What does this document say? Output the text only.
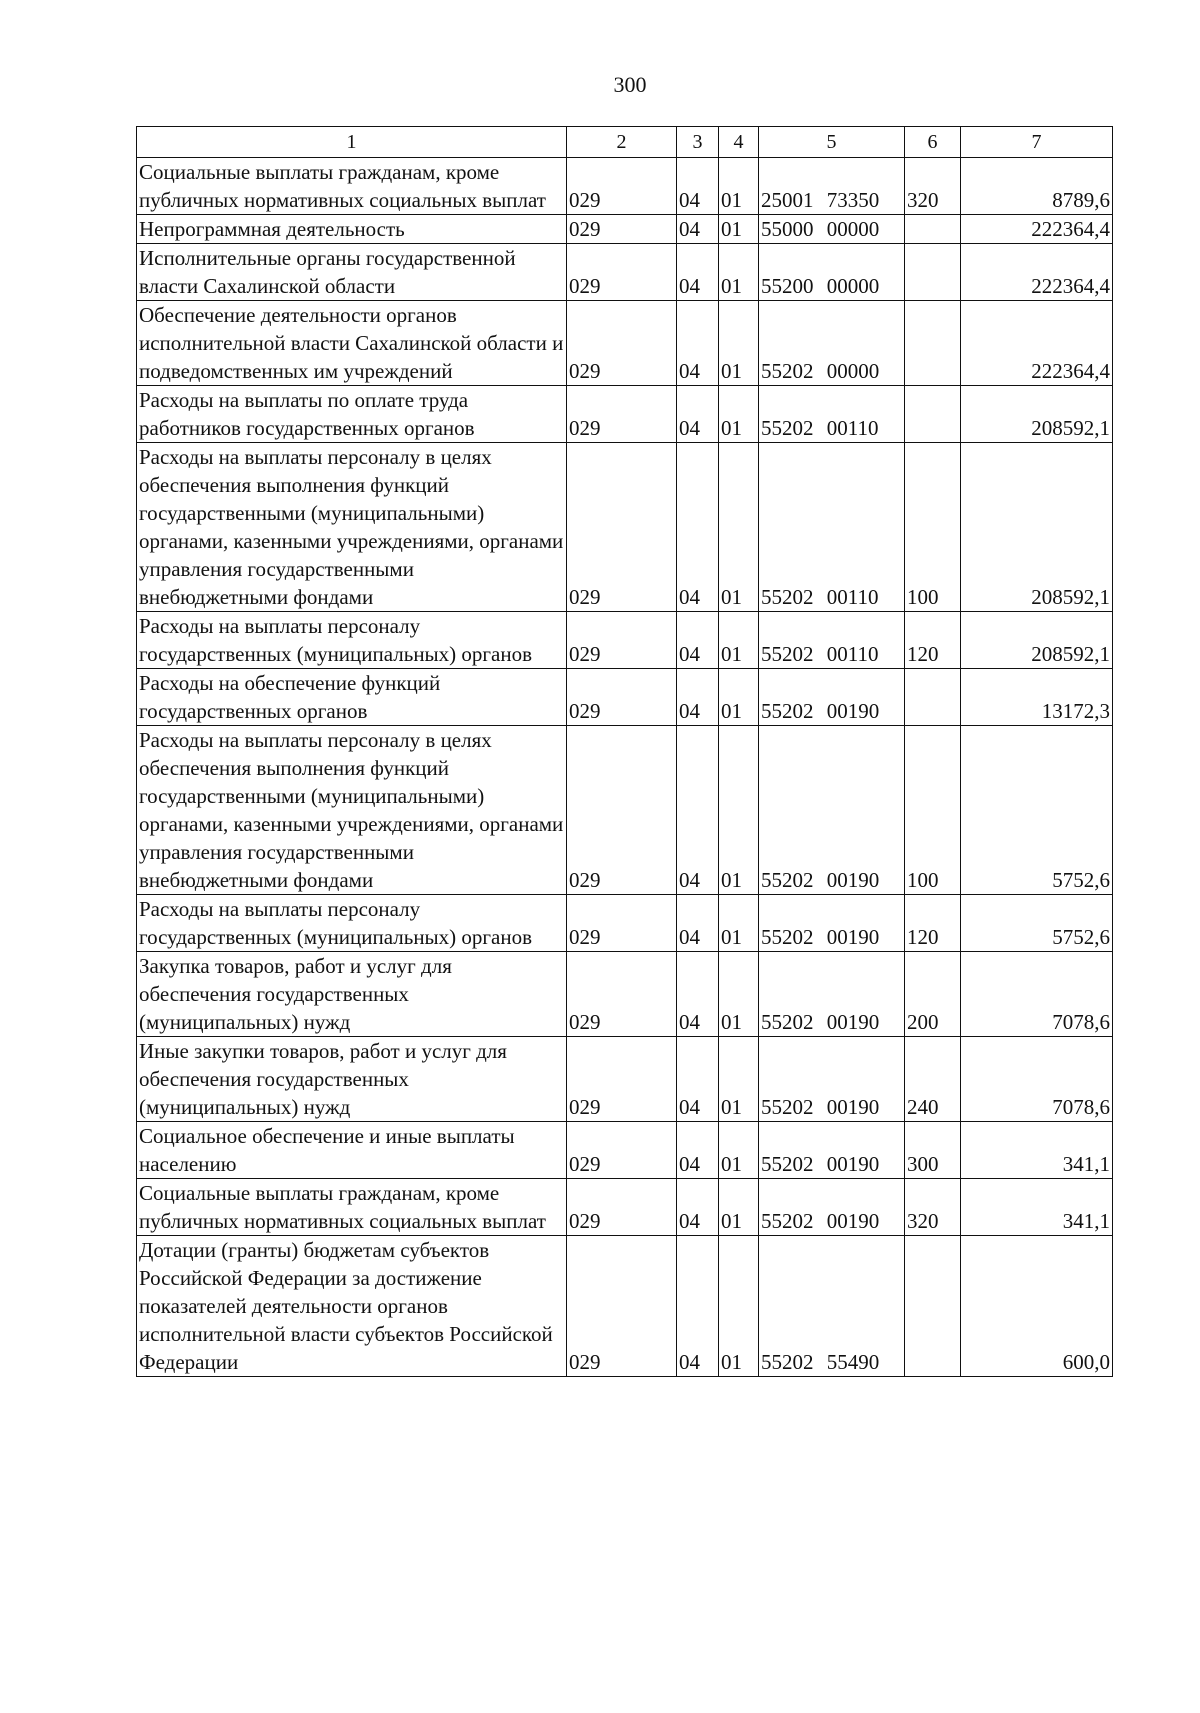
300
1	2	3	4	5	6	7
Социальные выплаты гражданам, кроме публичных нормативных социальных выплат	029	04	01	25001 73350	320	8789,6
Непрограммная деятельность	029	04	01	55000 00000		222364,4
Исполнительные органы государственной власти Сахалинской области	029	04	01	55200 00000		222364,4
Обеспечение деятельности органов исполнительной власти Сахалинской области и подведомственных им учреждений	029	04	01	55202 00000		222364,4
Расходы на выплаты по оплате труда работников государственных органов	029	04	01	55202 00110		208592,1
Расходы на выплаты персоналу в целях обеспечения выполнения функций государственными (муниципальными) органами, казенными учреждениями, органами управления государственными внебюджетными фондами	029	04	01	55202 00110	100	208592,1
Расходы на выплаты персоналу государственных (муниципальных) органов	029	04	01	55202 00110	120	208592,1
Расходы на обеспечение функций государственных органов	029	04	01	55202 00190		13172,3
Расходы на выплаты персоналу в целях обеспечения выполнения функций государственными (муниципальными) органами, казенными учреждениями, органами управления государственными внебюджетными фондами	029	04	01	55202 00190	100	5752,6
Расходы на выплаты персоналу государственных (муниципальных) органов	029	04	01	55202 00190	120	5752,6
Закупка товаров, работ и услуг для обеспечения государственных (муниципальных) нужд	029	04	01	55202 00190	200	7078,6
Иные закупки товаров, работ и услуг для обеспечения государственных (муниципальных) нужд	029	04	01	55202 00190	240	7078,6
Социальное обеспечение и иные выплаты населению	029	04	01	55202 00190	300	341,1
Социальные выплаты гражданам, кроме публичных нормативных социальных выплат	029	04	01	55202 00190	320	341,1
Дотации (гранты) бюджетам субъектов Российской Федерации за достижение показателей деятельности органов исполнительной власти субъектов Российской Федерации	029	04	01	55202 55490		600,0
